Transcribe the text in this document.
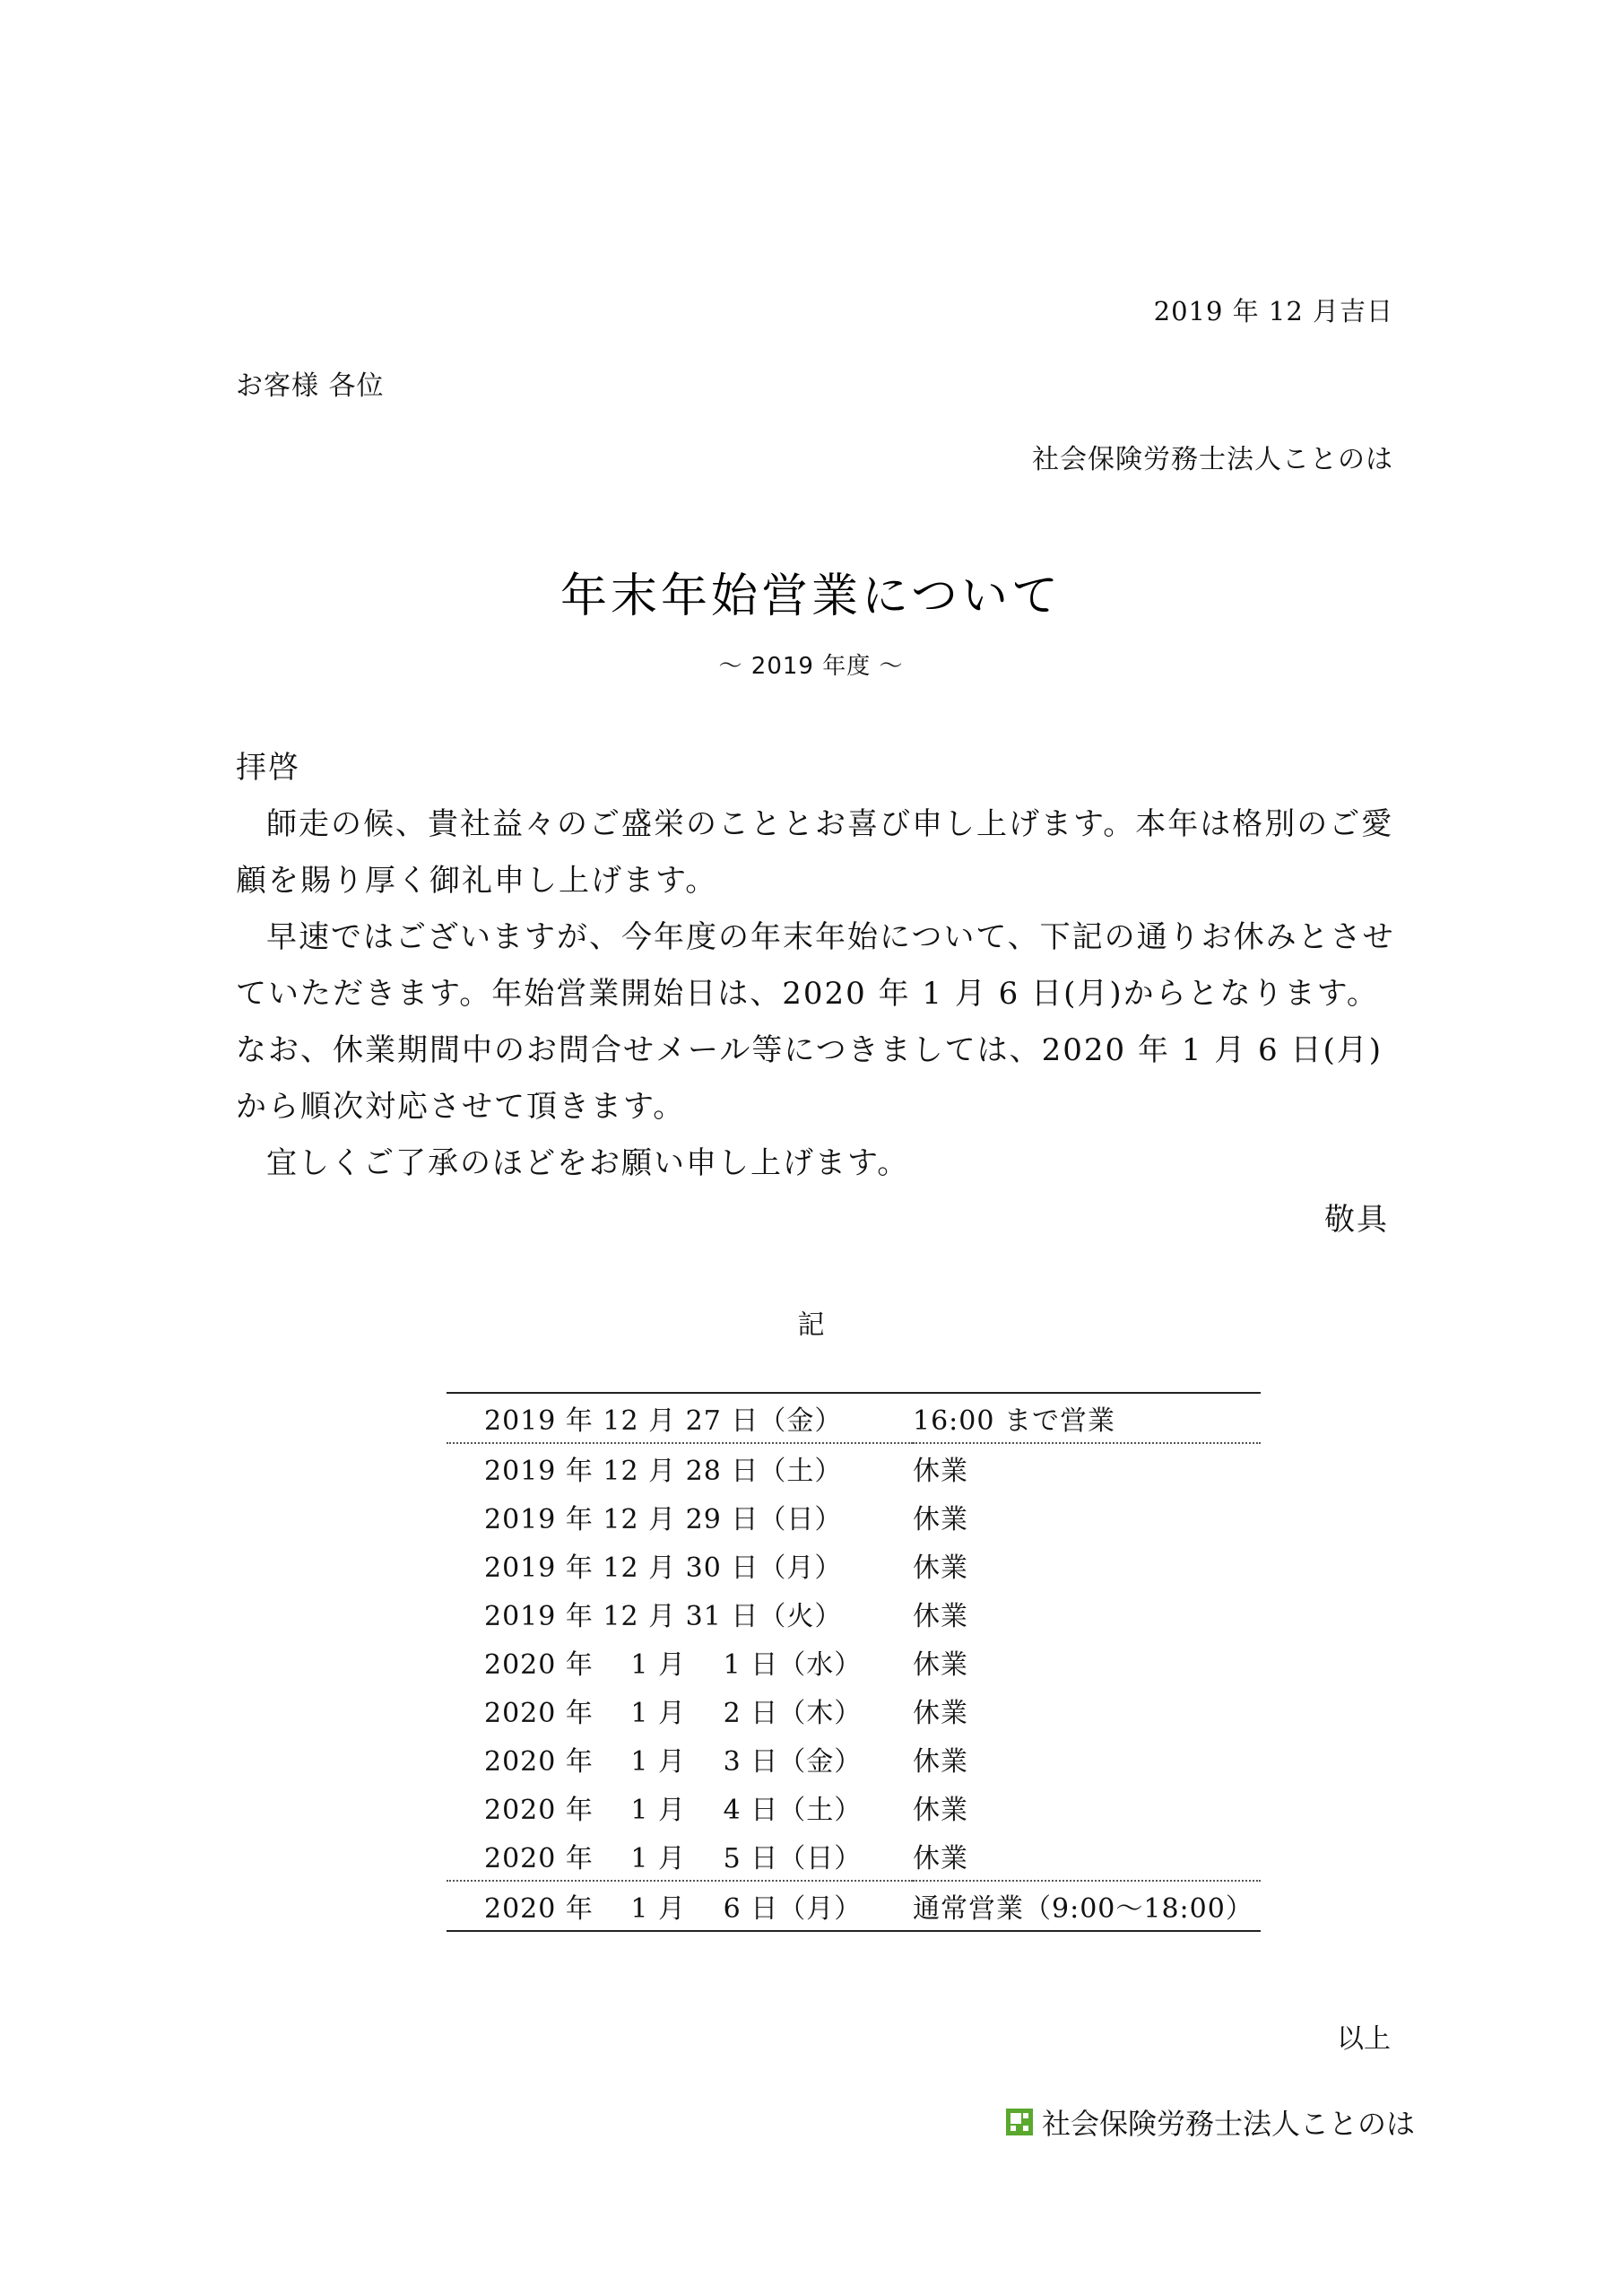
2019 年 12 月吉日
お客様 各位
社会保険労務士法人ことのは
年末年始営業について
～ 2019 年度 ～

拝啓

師走の候、貴社益々のご盛栄のこととお喜び申し上げます。本年は格別のご愛顧を賜り厚く御礼申し上げます。

早速ではございますが、今年度の年末年始について、下記の通りお休みとさせていただきます。年始営業開始日は、2020 年 1 月 6 日(月)からとなります。なお、休業期間中のお問合せメール等につきましては、2020 年 1 月 6 日(月)から順次対応させて頂きます。

宜しくご了承のほどをお願い申し上げます。

敬具

記
2019 年 12 月 27 日（金）	16:00 まで営業
2019 年 12 月 28 日（土）	休業
2019 年 12 月 29 日（日）	休業
2019 年 12 月 30 日（月）	休業
2019 年 12 月 31 日（火）	休業
2020 年　 1 月　 1 日（水）	休業
2020 年　 1 月　 2 日（木）	休業
2020 年　 1 月　 3 日（金）	休業
2020 年　 1 月　 4 日（土）	休業
2020 年　 1 月　 5 日（日）	休業
2020 年　 1 月　 6 日（月）	通常営業（9:00～18:00）
以上
社会保険労務士法人ことのは
